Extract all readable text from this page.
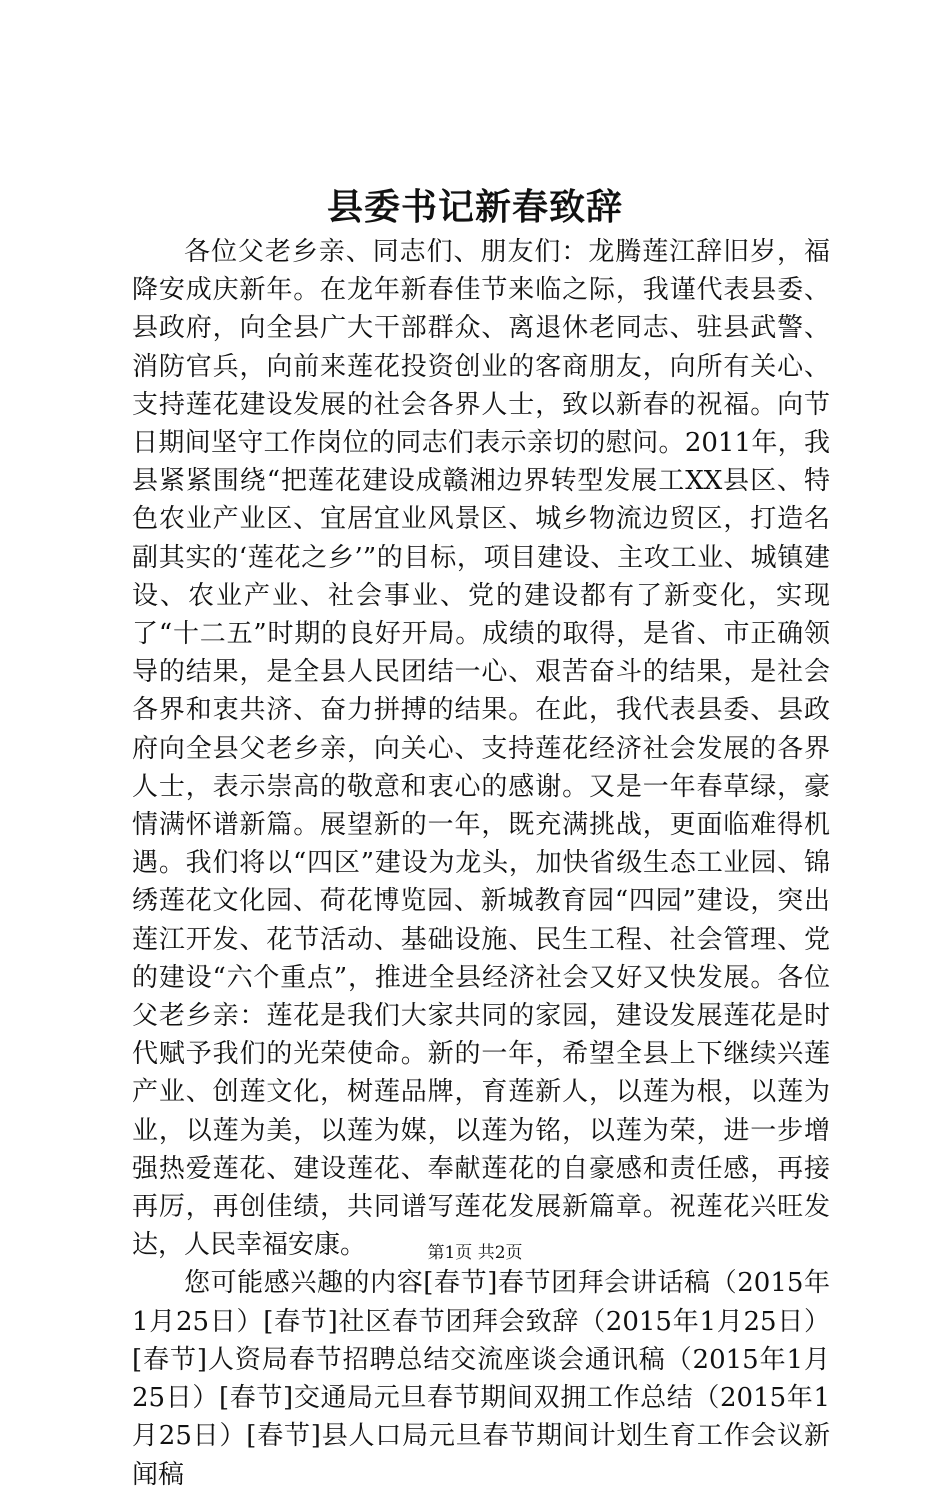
县委书记新春致辞

各位父老乡亲、同志们、朋友们：龙腾莲江辞旧岁，福降安成庆新年。在龙年新春佳节来临之际，我谨代表县委、县政府，向全县广大干部群众、离退休老同志、驻县武警、消防官兵，向前来莲花投资创业的客商朋友，向所有关心、支持莲花建设发展的社会各界人士，致以新春的祝福。向节日期间坚守工作岗位的同志们表示亲切的慰问。2011年，我县紧紧围绕“把莲花建设成赣湘边界转型发展工XX县区、特色农业产业区、宜居宜业风景区、城乡物流边贸区，打造名副其实的‘莲花之乡’”的目标，项目建设、主攻工业、城镇建设、农业产业、社会事业、党的建设都有了新变化，实现了“十二五”时期的良好开局。成绩的取得，是省、市正确领导的结果，是全县人民团结一心、艰苦奋斗的结果，是社会各界和衷共济、奋力拼搏的结果。在此，我代表县委、县政府向全县父老乡亲，向关心、支持莲花经济社会发展的各界人士，表示崇高的敬意和衷心的感谢。又是一年春草绿，豪情满怀谱新篇。展望新的一年，既充满挑战，更面临难得机遇。我们将以“四区”建设为龙头，加快省级生态工业园、锦绣莲花文化园、荷花博览园、新城教育园“四园”建设，突出莲江开发、花节活动、基础设施、民生工程、社会管理、党的建设“六个重点”，推进全县经济社会又好又快发展。各位父老乡亲：莲花是我们大家共同的家园，建设发展莲花是时代赋予我们的光荣使命。新的一年，希望全县上下继续兴莲产业、创莲文化，树莲品牌，育莲新人，以莲为根，以莲为业，以莲为美，以莲为媒，以莲为铭，以莲为荣，进一步增强热爱莲花、建设莲花、奉献莲花的自豪感和责任感，再接再厉，再创佳绩，共同谱写莲花发展新篇章。祝莲花兴旺发达，人民幸福安康。

您可能感兴趣的内容[春节]春节团拜会讲话稿（2015年1月25日）[春节]社区春节团拜会致辞（2015年1月25日）[春节]人资局春节招聘总结交流座谈会通讯稿（2015年1月25日）[春节]交通局元旦春节期间双拥工作总结（2015年1月25日）[春节]县人口局元旦春节期间计划生育工作会议新闻稿

第1页 共2页
